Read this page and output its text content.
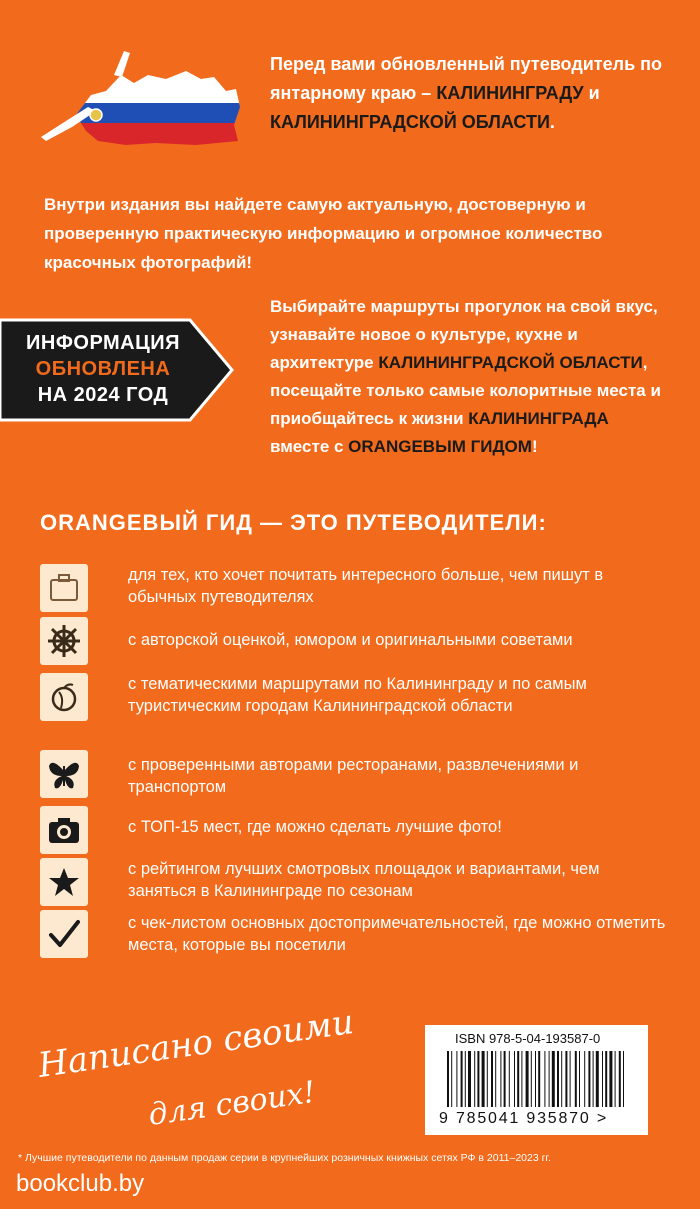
Перед вами обновленный путеводитель по янтарному краю – КАЛИНИНГРАДУ и КАЛИНИНГРАДСКОЙ ОБЛАСТИ.
Внутри издания вы найдете самую актуальную, достоверную и проверенную практическую информацию и огромное количество красочных фотографий!
ИНФОРМАЦИЯ
ОБНОВЛЕНА
НА 2024 ГОД
Выбирайте маршруты прогулок на свой вкус, узнавайте новое о культуре, кухне и архитектуре КАЛИНИНГРАДСКОЙ ОБЛАСТИ, посещайте только самые колоритные места и приобщайтесь к жизни КАЛИНИНГРАДА вместе с ORANGEВЫМ ГИДОМ!
ORANGEВЫЙ ГИД — ЭТО ПУТЕВОДИТЕЛИ:
для тех, кто хочет почитать интересного больше, чем пишут в обычных путеводителях
с авторской оценкой, юмором и оригинальными советами
с тематическими маршрутами по Калининграду и по самым туристическим городам Калининградской области
с проверенными авторами ресторанами, развлечениями и транспортом
с ТОП-15 мест, где можно сделать лучшие фото!
с рейтингом лучших смотровых площадок и вариантами, чем заняться в Калининграде по сезонам
с чек-листом основных достопримечательностей, где можно отметить места, которые вы посетили
Написано своими
для своих!
ISBN 978-5-04-193587-0
9 785041 935870 >
* Лучшие путеводители по данным продаж серии в крупнейших розничных книжных сетях РФ в 2011–2023 гг.
bookclub.by
